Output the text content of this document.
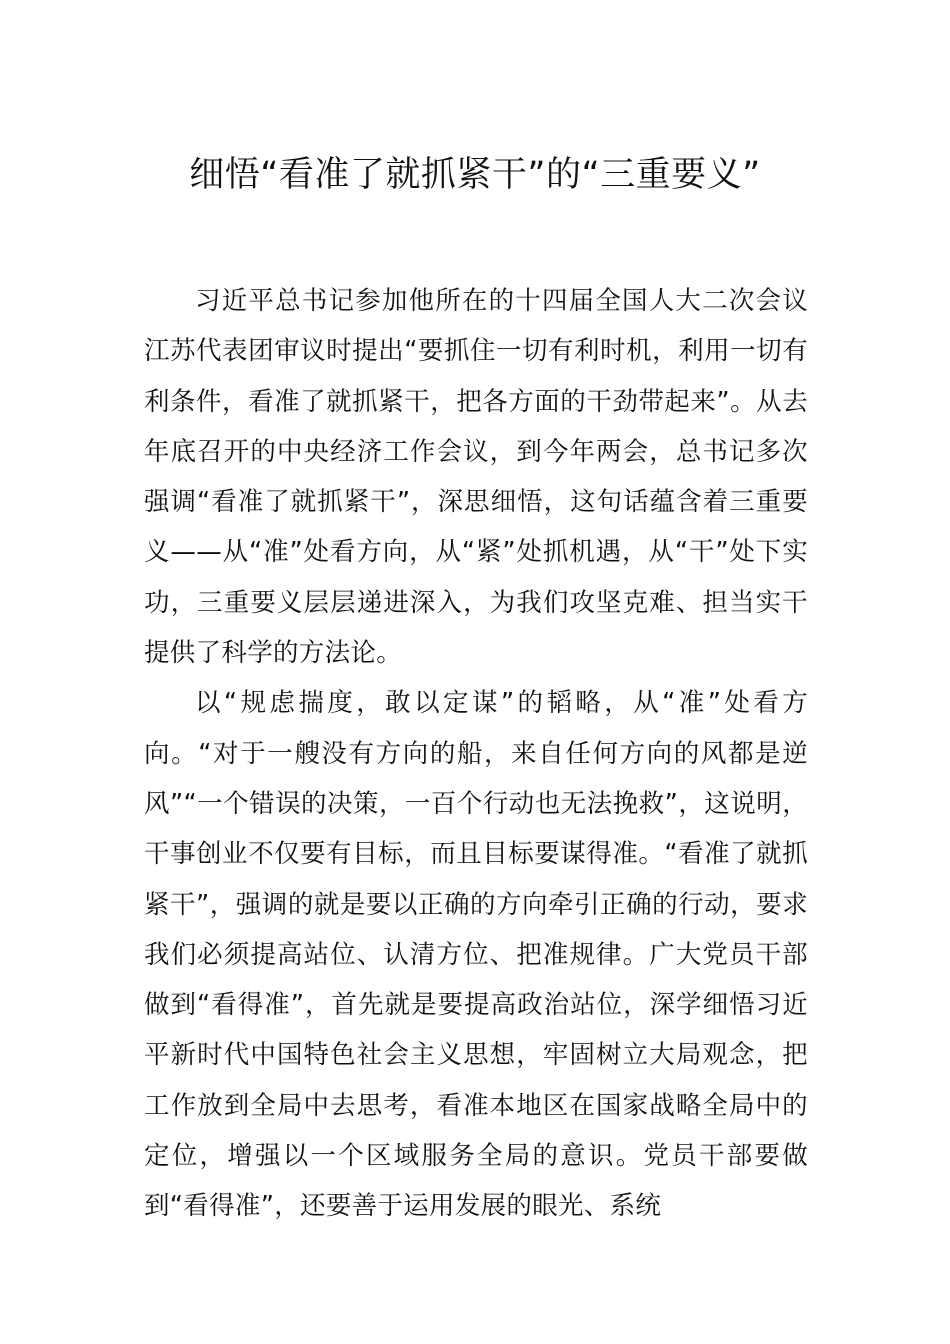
细悟“看准了就抓紧干”的“三重要义”

习近平总书记参加他所在的十四届全国人大二次会议江苏代表团审议时提出“要抓住一切有利时机，利用一切有利条件，看准了就抓紧干，把各方面的干劲带起来”。从去年底召开的中央经济工作会议，到今年两会，总书记多次强调“看准了就抓紧干”，深思细悟，这句话蕴含着三重要义——从“准”处看方向，从“紧”处抓机遇，从“干”处下实功，三重要义层层递进深入，为我们攻坚克难、担当实干提供了科学的方法论。

以“规虑揣度，敢以定谋”的韬略，从“准”处看方向。“对于一艘没有方向的船，来自任何方向的风都是逆风”“一个错误的决策，一百个行动也无法挽救”，这说明，干事创业不仅要有目标，而且目标要谋得准。“看准了就抓紧干”，强调的就是要以正确的方向牵引正确的行动，要求我们必须提高站位、认清方位、把准规律。广大党员干部做到“看得准”，首先就是要提高政治站位，深学细悟习近平新时代中国特色社会主义思想，牢固树立大局观念，把工作放到全局中去思考，看准本地区在国家战略全局中的定位，增强以一个区域服务全局的意识。党员干部要做到“看得准”，还要善于运用发展的眼光、系统
